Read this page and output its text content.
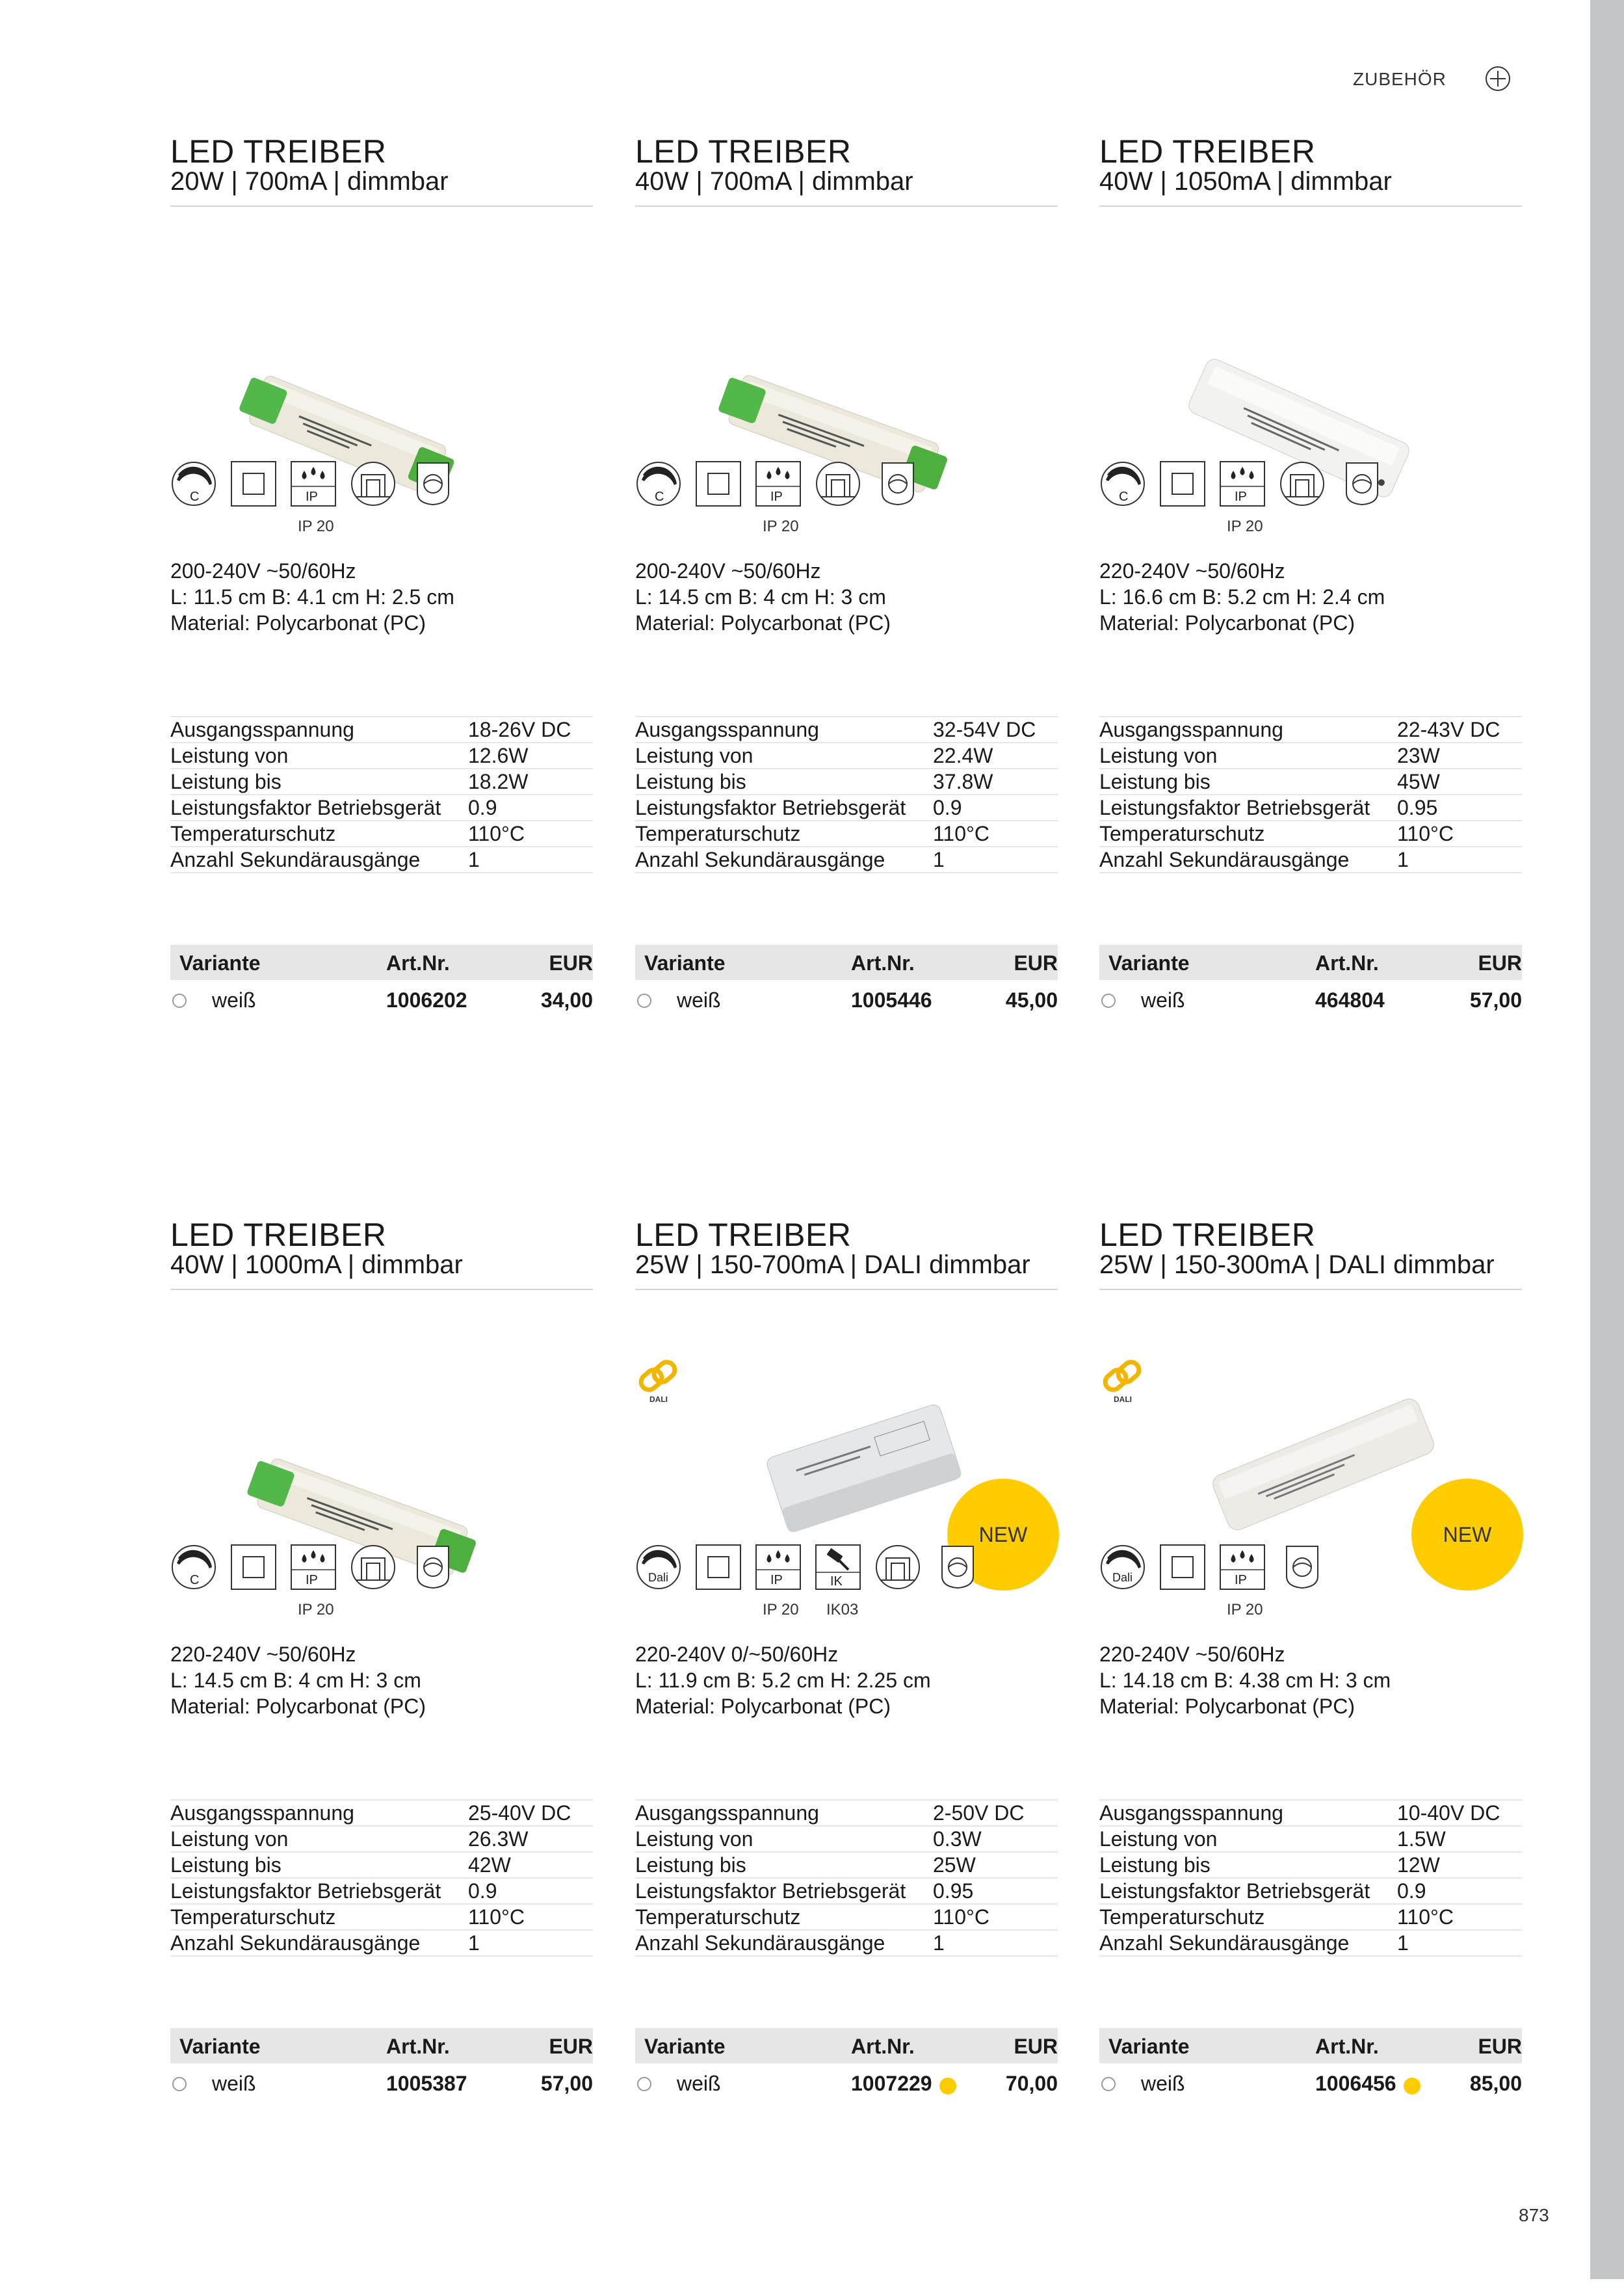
ZUBEHÖR
LED TREIBER
20W | 700mA | dimmbar
C	IP
IP 20
200-240V ~50/60Hz
L: 11.5 cm B: 4.1 cm H: 2.5 cm
Material: Polycarbonat (PC)
Ausgangsspannung	18-26V DC
Leistung von	12.6W
Leistung bis	18.2W
Leistungsfaktor Betriebsgerät	0.9
Temperaturschutz	110°C
Anzahl Sekundärausgänge	1
Variante	Art.Nr.	EUR
weiß	1006202	34,00
LED TREIBER
40W | 700mA | dimmbar
C	IP
IP 20
200-240V ~50/60Hz
L: 14.5 cm B: 4 cm H: 3 cm
Material: Polycarbonat (PC)
Ausgangsspannung	32-54V DC
Leistung von	22.4W
Leistung bis	37.8W
Leistungsfaktor Betriebsgerät	0.9
Temperaturschutz	110°C
Anzahl Sekundärausgänge	1
Variante	Art.Nr.	EUR
weiß	1005446	45,00
LED TREIBER
40W | 1050mA | dimmbar
C	IP
IP 20
220-240V ~50/60Hz
L: 16.6 cm B: 5.2 cm H: 2.4 cm
Material: Polycarbonat (PC)
Ausgangsspannung	22-43V DC
Leistung von	23W
Leistung bis	45W
Leistungsfaktor Betriebsgerät	0.95
Temperaturschutz	110°C
Anzahl Sekundärausgänge	1
Variante	Art.Nr.	EUR
weiß	464804	57,00
LED TREIBER
40W | 1000mA | dimmbar
C	IP
IP 20
220-240V ~50/60Hz
L: 14.5 cm B: 4 cm H: 3 cm
Material: Polycarbonat (PC)
Ausgangsspannung	25-40V DC
Leistung von	26.3W
Leistung bis	42W
Leistungsfaktor Betriebsgerät	0.9
Temperaturschutz	110°C
Anzahl Sekundärausgänge	1
Variante	Art.Nr.	EUR
weiß	1005387	57,00
LED TREIBER
25W | 150-700mA | DALI dimmbar
DALI
NEW
Dali	IP	IK
IP 20 IK03
220-240V 0/~50/60Hz
L: 11.9 cm B: 5.2 cm H: 2.25 cm
Material: Polycarbonat (PC)
Ausgangsspannung	2-50V DC
Leistung von	0.3W
Leistung bis	25W
Leistungsfaktor Betriebsgerät	0.95
Temperaturschutz	110°C
Anzahl Sekundärausgänge	1
Variante	Art.Nr.	EUR
weiß	1007229	70,00
LED TREIBER
25W | 150-300mA | DALI dimmbar
DALI
NEW
Dali	IP
IP 20
220-240V ~50/60Hz
L: 14.18 cm B: 4.38 cm H: 3 cm
Material: Polycarbonat (PC)
Ausgangsspannung	10-40V DC
Leistung von	1.5W
Leistung bis	12W
Leistungsfaktor Betriebsgerät	0.9
Temperaturschutz	110°C
Anzahl Sekundärausgänge	1
Variante	Art.Nr.	EUR
weiß	1006456	85,00
873
